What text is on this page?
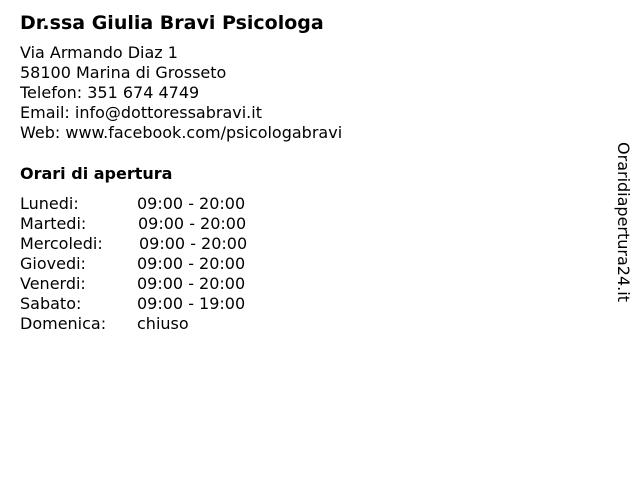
Dr.ssa Giulia Bravi Psicologa
Via Armando Diaz 1
58100 Marina di Grosseto
Telefon: 351 674 4749
Email: info@dottoressabravi.it
Web: www.facebook.com/psicologabravi
Orari di apertura
Lunedi:	09:00 - 20:00
Martedi:	09:00 - 20:00
Mercoledi: 09:00 - 20:00
Giovedi:	09:00 - 20:00
Venerdi:	09:00 - 20:00
Sabato:	09:00 - 19:00
Domenica: chiuso
Oraridiapertura24.it
